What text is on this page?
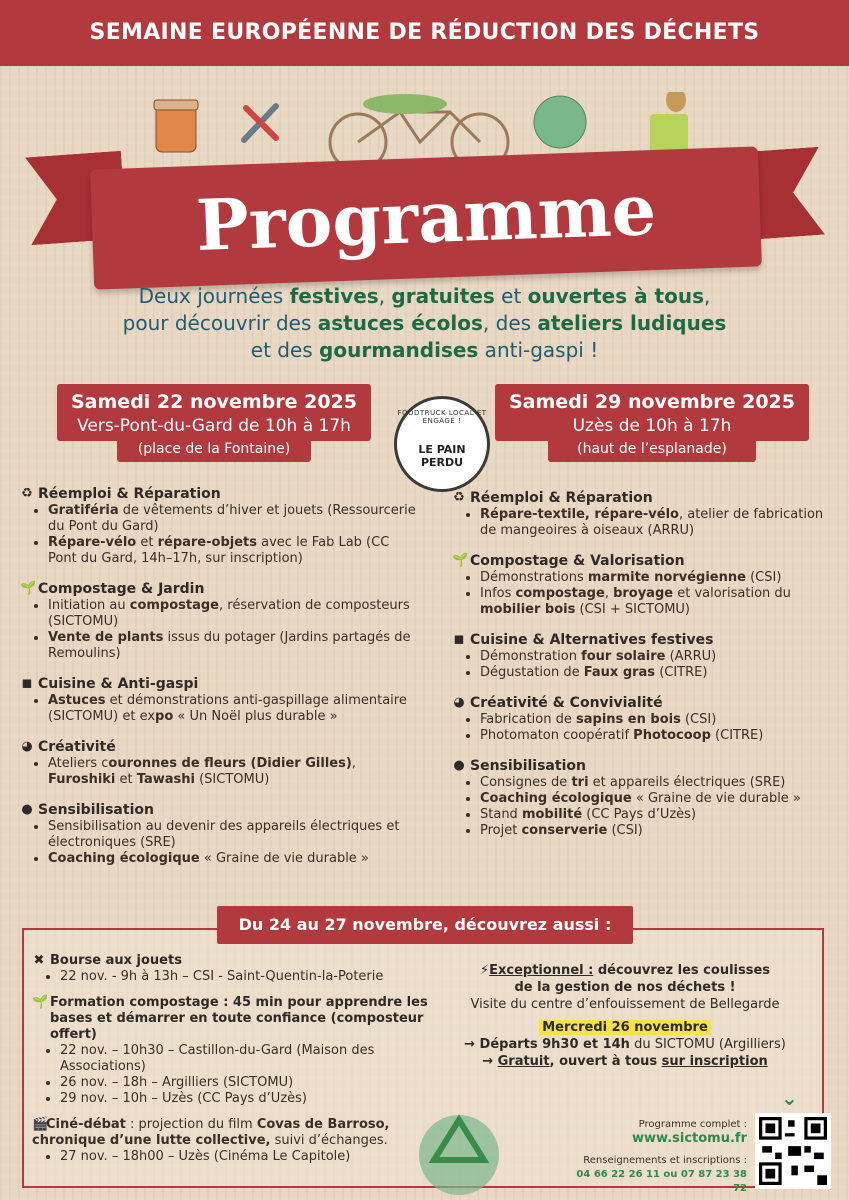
SEMAINE EUROPÉENNE DE RÉDUCTION DES DÉCHETS
Programme
Deux journées festives, gratuites et ouvertes à tous,
pour découvrir des astuces écolos, des ateliers ludiques
et des gourmandises anti-gaspi !
Samedi 22 novembre 2025
Vers-Pont-du-Gard de 10h à 17h
(place de la Fontaine)
Samedi 29 novembre 2025
Uzès de 10h à 17h
(haut de l’esplanade)
FOODTRUCK LOCAL ET ENGAGÉ !
LE PAIN PERDU
♻ Réemploi & Réparation
• Gratiféria de vêtements d’hiver et jouets (Ressourcerie du Pont du Gard)
• Répare-vélo et répare-objets avec le Fab Lab (CC Pont du Gard, 14h–17h, sur inscription)
🌱 Compostage & Jardin
• Initiation au compostage, réservation de composteurs (SICTOMU)
• Vente de plants issus du potager (Jardins partagés de Remoulins)
◼ Cuisine & Anti-gaspi
• Astuces et démonstrations anti-gaspillage alimentaire (SICTOMU) et expo « Un Noël plus durable »
◕ Créativité
• Ateliers couronnes de fleurs (Didier Gilles), Furoshiki et Tawashi (SICTOMU)
● Sensibilisation
• Sensibilisation au devenir des appareils électriques et électroniques (SRE)
• Coaching écologique « Graine de vie durable »
♻ Réemploi & Réparation
• Répare-textile, répare-vélo, atelier de fabrication de mangeoires à oiseaux (ARRU)
🌱 Compostage & Valorisation
• Démonstrations marmite norvégienne (CSI)
• Infos compostage, broyage et valorisation du mobilier bois (CSI + SICTOMU)
◼ Cuisine & Alternatives festives
• Démonstration four solaire (ARRU)
• Dégustation de Faux gras (CITRE)
◕ Créativité & Convivialité
• Fabrication de sapins en bois (CSI)
• Photomaton coopératif Photocoop (CITRE)
● Sensibilisation
• Consignes de tri et appareils électriques (SRE)
• Coaching écologique « Graine de vie durable »
• Stand mobilité (CC Pays d’Uzès)
• Projet conserverie (CSI)
Du 24 au 27 novembre, découvrez aussi :
✖ Bourse aux jouets
• 22 nov. - 9h à 13h – CSI - Saint-Quentin-la-Poterie
🌱 Formation compostage : 45 min pour apprendre les bases et démarrer en toute confiance (composteur offert)
• 22 nov. – 10h30 – Castillon-du-Gard (Maison des Associations)
• 26 nov. – 18h – Argilliers (SICTOMU)
• 29 nov. – 10h – Uzès (CC Pays d’Uzès)
🎬Ciné-débat : projection du film Covas de Barroso, chronique d’une lutte collective, suivi d’échanges.
• 27 nov. – 18h00 – Uzès (Cinéma Le Capitole)
⚡Exceptionnel : découvrez les coulisses
de la gestion de nos déchets !
Visite du centre d’enfouissement de Bellegarde
Mercredi 26 novembre
→ Départs 9h30 et 14h du SICTOMU (Argilliers)
→ Gratuit, ouvert à tous sur inscription
⌄
Programme complet :
www.sictomu.fr
Renseignements et inscriptions :
04 66 22 26 11 ou 07 87 23 38 72
